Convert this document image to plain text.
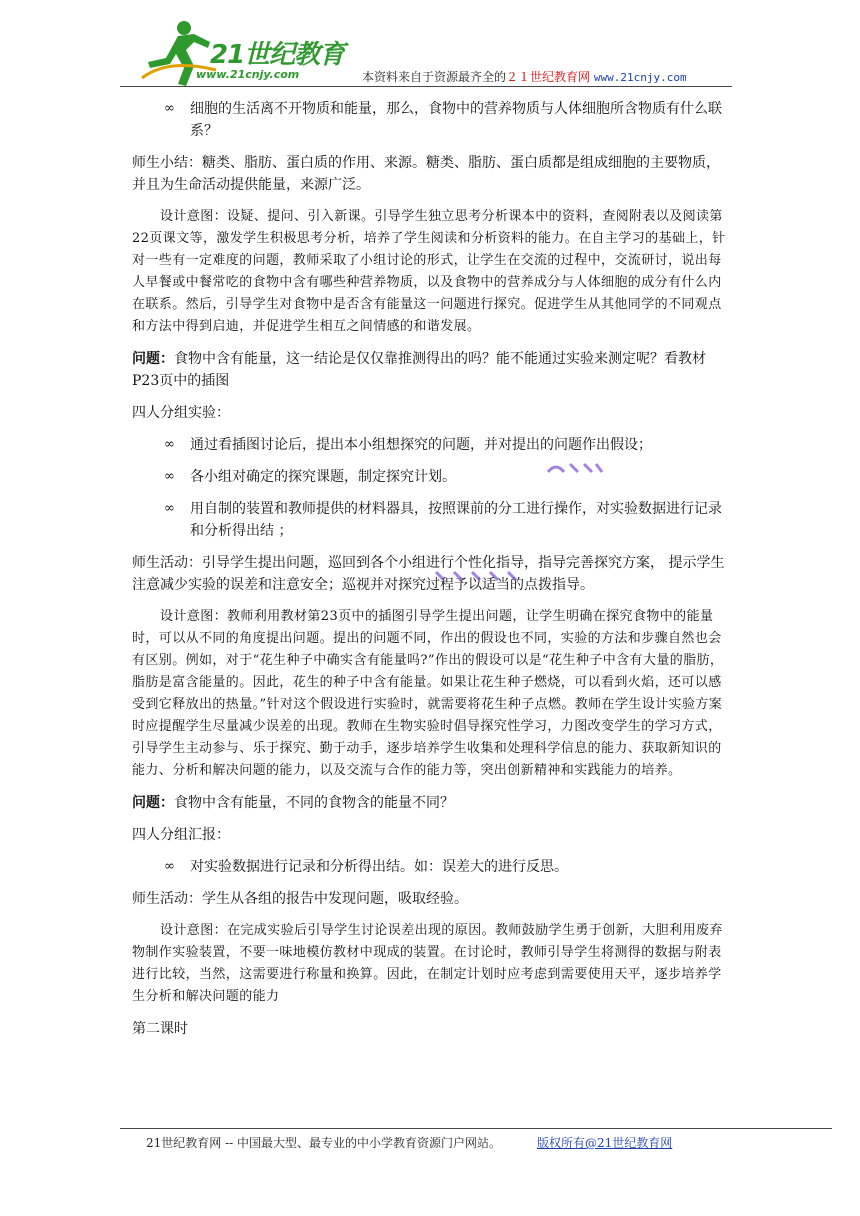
21世纪教育
www.21cnjy.com	本资料来自于资源最齐全的２１世纪教育网 www.21cnjy.com

∞ 细胞的生活离不开物质和能量，那么，食物中的营养物质与人体细胞所含物质有什么联系？

师生小结：糖类、脂肪、蛋白质的作用、来源。糖类、脂肪、蛋白质都是组成细胞的主要物质，并且为生命活动提供能量，来源广泛。

设计意图：设疑、提问、引入新课。引导学生独立思考分析课本中的资料，查阅附表以及阅读第22页课文等，激发学生积极思考分析，培养了学生阅读和分析资料的能力。在自主学习的基础上，针对一些有一定难度的问题，教师采取了小组讨论的形式，让学生在交流的过程中，交流研讨，说出每人早餐或中餐常吃的食物中含有哪些种营养物质，以及食物中的营养成分与人体细胞的成分有什么内在联系。然后，引导学生对食物中是否含有能量这一问题进行探究。促进学生从其他同学的不同观点和方法中得到启迪，并促进学生相互之间情感的和谐发展。

问题：食物中含有能量，这一结论是仅仅靠推测得出的吗？能不能通过实验来测定呢？看教材P23页中的插图

四人分组实验：

∞ 通过看插图讨论后，提出本小组想探究的问题，并对提出的问题作出假设；

∞ 各小组对确定的探究课题，制定探究计划。

∞ 用自制的装置和教师提供的材料器具，按照课前的分工进行操作，对实验数据进行记录和分析得出结 ；

师生活动：引导学生提出问题，巡回到各个小组进行个性化指导，指导完善探究方案， 提示学生注意减少实验的误差和注意安全；巡视并对探究过程予以适当的点拨指导。

设计意图：教师利用教材第23页中的插图引导学生提出问题，让学生明确在探究食物中的能量时，可以从不同的角度提出问题。提出的问题不同，作出的假设也不同，实验的方法和步骤自然也会有区别。例如，对于“花生种子中确实含有能量吗?”作出的假设可以是“花生种子中含有大量的脂肪，脂肪是富含能量的。因此，花生的种子中含有能量。如果让花生种子燃烧，可以看到火焰，还可以感受到它释放出的热量。”针对这个假设进行实验时，就需要将花生种子点燃。教师在学生设计实验方案时应提醒学生尽量减少误差的出现。教师在生物实验时倡导探究性学习，力图改变学生的学习方式，引导学生主动参与、乐于探究、勤于动手，逐步培养学生收集和处理科学信息的能力、获取新知识的能力、分析和解决问题的能力，以及交流与合作的能力等，突出创新精神和实践能力的培养。

问题：食物中含有能量，不同的食物含的能量不同？

四人分组汇报：

∞ 对实验数据进行记录和分析得出结。如：误差大的进行反思。

师生活动：学生从各组的报告中发现问题，吸取经验。

设计意图：在完成实验后引导学生讨论误差出现的原因。教师鼓励学生勇于创新，大胆利用废弃物制作实验装置，不要一味地模仿教材中现成的装置。在讨论时，教师引导学生将测得的数据与附表进行比较，当然，这需要进行称量和换算。因此，在制定计划时应考虑到需要使用天平，逐步培养学生分析和解决问题的能力

第二课时

21世纪教育网 -- 中国最大型、最专业的中小学教育资源门户网站。	版权所有@21世纪教育网
